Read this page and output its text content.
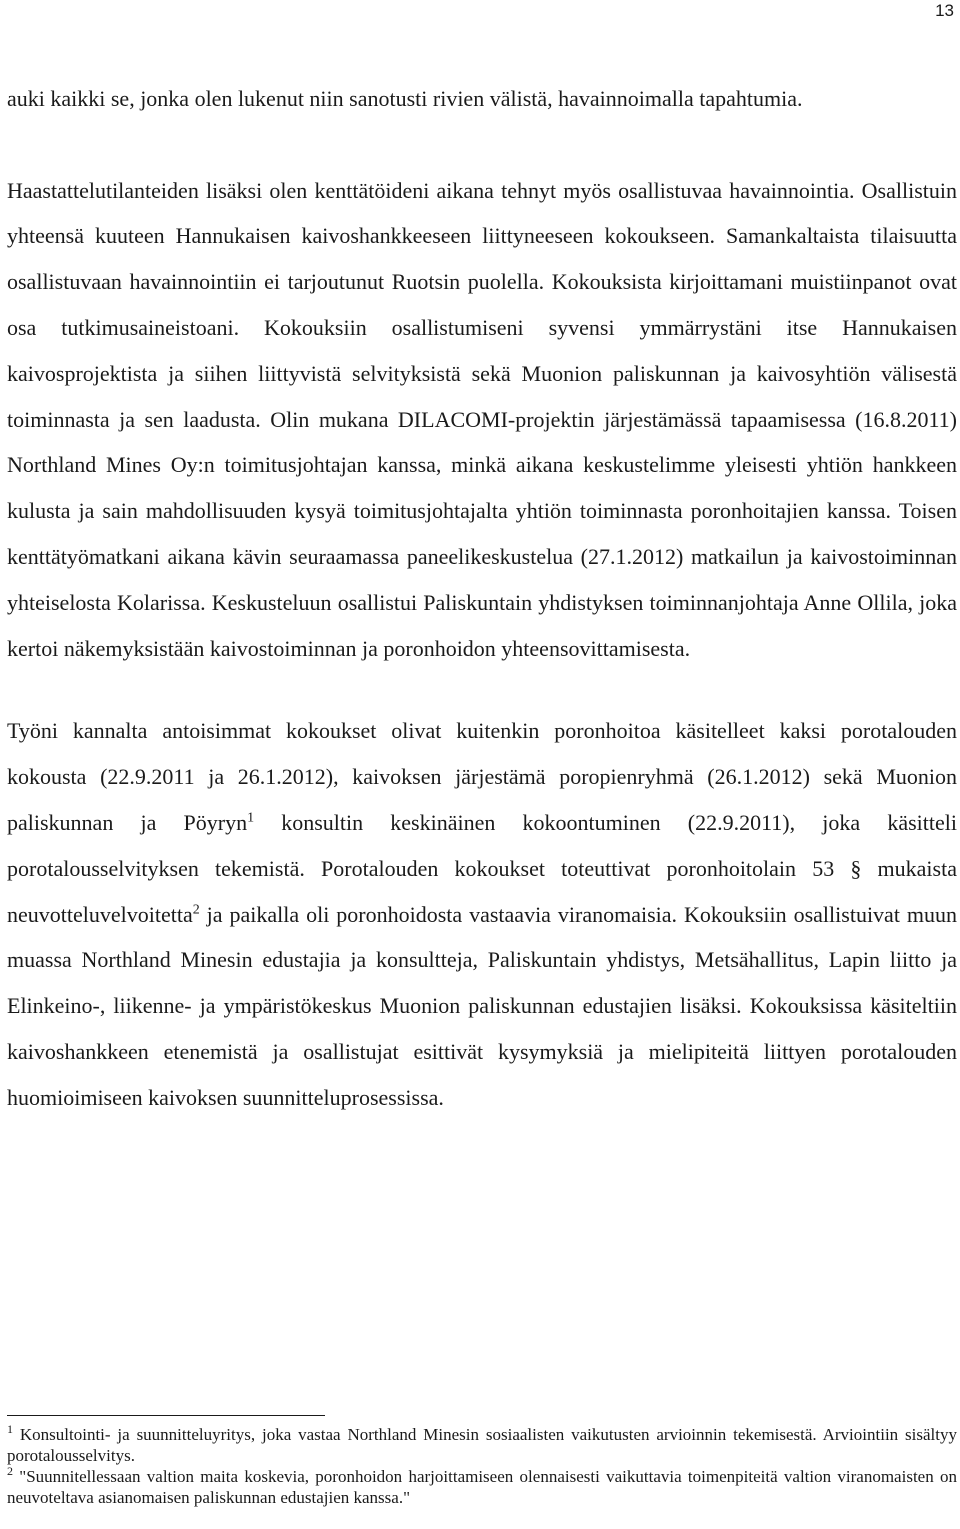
13

auki kaikki se, jonka olen lukenut niin sanotusti rivien välistä, havainnoimalla tapahtumia.

Haastattelutilanteiden lisäksi olen kenttätöideni aikana tehnyt myös osallistuvaa havainnointia. Osallistuin yhteensä kuuteen Hannukaisen kaivoshankkeeseen liittyneeseen kokoukseen. Samankaltaista tilaisuutta osallistuvaan havainnointiin ei tarjoutunut Ruotsin puolella. Kokouksista kirjoittamani muistiinpanot ovat osa tutkimusaineistoani. Kokouksiin osallistumiseni syvensi ymmärrystäni itse Hannukaisen kaivosprojektista ja siihen liittyvistä selvityksistä sekä Muonion paliskunnan ja kaivosyhtiön välisestä toiminnasta ja sen laadusta. Olin mukana DILACOMI-projektin järjestämässä tapaamisessa (16.8.2011) Northland Mines Oy:n toimitusjohtajan kanssa, minkä aikana keskustelimme yleisesti yhtiön hankkeen kulusta ja sain mahdollisuuden kysyä toimitusjohtajalta yhtiön toiminnasta poronhoitajien kanssa. Toisen kenttätyömatkani aikana kävin seuraamassa paneelikeskustelua (27.1.2012) matkailun ja kaivostoiminnan yhteiselosta Kolarissa. Keskusteluun osallistui Paliskuntain yhdistyksen toiminnanjohtaja Anne Ollila, joka kertoi näkemyksistään kaivostoiminnan ja poronhoidon yhteensovittamisesta.

Työni kannalta antoisimmat kokoukset olivat kuitenkin poronhoitoa käsitelleet kaksi porotalouden kokousta (22.9.2011 ja 26.1.2012), kaivoksen järjestämä poropienryhmä (26.1.2012) sekä Muonion paliskunnan ja Pöyryn$^1$ konsultin keskinäinen kokoontuminen (22.9.2011), joka käsitteli porotalousselvityksen tekemistä. Porotalouden kokoukset toteuttivat poronhoitolain 53 § mukaista neuvotteluvelvoitetta$^2$ ja paikalla oli poronhoidosta vastaavia viranomaisia. Kokouksiin osallistuivat muun muassa Northland Minesin edustajia ja konsultteja, Paliskuntain yhdistys, Metsähallitus, Lapin liitto ja Elinkeino-, liikenne- ja ympäristökeskus Muonion paliskunnan edustajien lisäksi. Kokouksissa käsiteltiin kaivoshankkeen etenemistä ja osallistujat esittivät kysymyksiä ja mielipiteitä liittyen porotalouden huomioimiseen kaivoksen suunnitteluprosessissa.

$^1$ Konsultointi- ja suunnitteluyritys, joka vastaa Northland Minesin sosiaalisten vaikutusten arvioinnin tekemisestä. Arviointiin sisältyy porotalousselvitys.

$^2$ "Suunnitellessaan valtion maita koskevia, poronhoidon harjoittamiseen olennaisesti vaikuttavia toimenpiteitä valtion viranomaisten on neuvoteltava asianomaisen paliskunnan edustajien kanssa."
